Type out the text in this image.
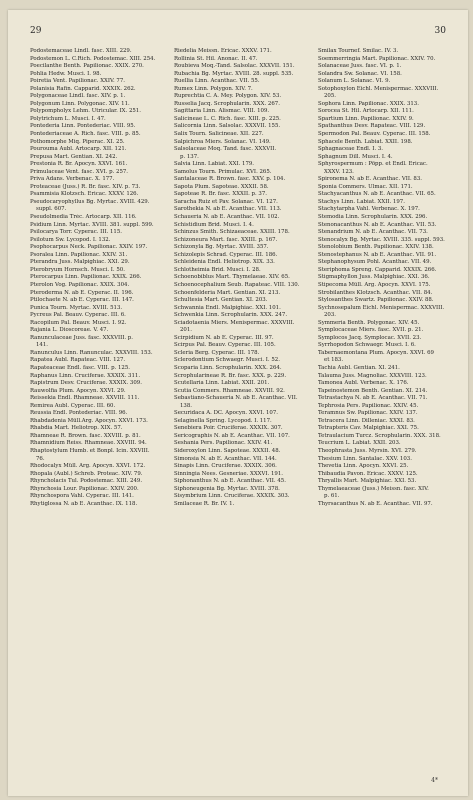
29	30
Podostemaceae Lindl. fasc. XIII. 229.
Podostemon L. C.Rich. Podostemac. XIII. 254.
Poecilanthe Benth. Papilionac. XXIX. 270.
Pohlia Hedw. Musci. I. 98.
Poiretia Vent. Papilionac. XXIV. 77.
Polanisia Rafin. Capparid. XXXIX. 262.
Polygonaceae Lindl. fasc. XIV. p. 1.
Polygonum Linn. Polygonac. XIV. 11.
Polypompholyx Lehm. Utricular. IX. 251.
Polytrichum L. Musci. I. 47.
Pontederia Linn. Pontederiac. VIII. 95.
Pontederiaceae A. Rich. fasc. VIII. p. 85.
Pothomorphe Miq. Piperac. XI. 25.
Pourouma Aubl. Artocarp. XII. 121.
Prepusa Mart. Gentian. XI. 242.
Prestonia R. Br. Apocyn. XXVI. 161.
Primulaceae Vent. fasc. XVI. p. 257.
Priva Adans. Verbenac. X. 177.
Proteaceae (Juss.) R. Br. fasc. XIV. p. 73.
Psammisia Klotzsch. Ericac. XXXV. 126.
Pseudocaryophyllus Bg. Myrtac. XVIII. 429.
suppl. 607.
Pseudolmedia Tréc. Artocarp. XII. 116.
Psidium Linn. Myrtac. XVIII. 381. suppl. 599.
Psilocarya Torr. Cyperac. III. 115.
Psilotum Sw. Lycopod. I. 132.
Psophocarpus Neck. Papilionac. XXIV. 197.
Psoralea Linn. Papilionac. XXIV. 31.
Pterandra Juss. Malpighiac. XXI. 29.
Pterobryum Hornsch. Musci. I. 50.
Pterocarpus Linn. Papilionac. XXIX. 266.
Pterolon Vog. Papilionac. XXIX. 304.
Pteroderma N. ab E. Cyperac. II. 196.
Ptilochaete N. ab E. Cyperac. III. 147.
Punica Tourn. Myrtac. XVIII. 513.
Pycreus Pal. Beauv. Cyperac. III. 6.
Racopilum Pal. Beauv. Musci. I. 92.
Rajania L. Dioscoreae. V. 47.
Ranunculaceae Juss. fasc. XXXVIII. p.
141.
Ranunculus Linn. Ranunculac. XXXVIII. 153.
Rapatea Aubl. Rapateac. VIII. 127.
Rapateaceae Endl. fasc. VIII. p. 125.
Raphanus Linn. Cruciferae. XXXIX. 311.
Rapistrum Desv. Cruciferae. XXXIX. 309.
Rauwolfia Plum. Apocyn. XXVI. 29.
Reissekia Endl. Rhamneae. XXVIII. 111.
Remirea Aubl. Cyperac. III. 60.
Reussia Endl. Pontederiac. VIII. 96.
Rhabdadenia Müll.Arg. Apocyn. XXVI. 173.
Rhabdia Mart. Heliotrop. XIX. 57.
Rhamneae R. Brown. fasc. XXVIII. p. 81.
Rhamnidium Reiss. Rhamneae. XXVIII. 94.
Rhaptostylum Humb. et Bonpl. Icin. XXVIII.
76.
Rhodocalyx Müll. Arg. Apocyn. XXVI. 172.
Rhopala (Aubl.) Schreb. Proteac. XIV. 79.
Rhyncholacis Tul. Podostemac. XIII. 249.
Rhynchosia Lour. Papilionac. XXIV. 200.
Rhynchospora Vahl. Cyperac. III. 141.
Rhytiglossa N. ab E. Acanthac. IX. 118.
Riedelia Meissn. Ericac. XXXV. 171.
Rollinia St. Hil. Anonac. II. 47.
Roubieva Moq.-Tand. Salsolac. XXXVII. 151.
Rubachia Bg. Myrtac. XVIII. 28. suppl. 535.
Ruellia Linn. Acanthac. VII. 55.
Rumex Linn. Polygon. XIV. 7.
Ruprechtia C. A. Mey. Polygon. XIV. 53.
Russelia Jacq. Scrophularin. XXX. 267.
Sagittaria Linn. Alismac. VIII. 109.
Salicineae L. C. Rich. fasc. XIII. p. 225.
Salicornia Linn. Salsolac. XXXVII. 155.
Salix Tourn. Salicineae. XII. 227.
Salpichroa Miers. Solanac. VI. 149.
Salsolaceae Moq. Tand. fasc. XXXVII.
p. 137.
Salvia Linn. Labiat. XXI. 179.
Samolus Tourn. Primulac. XVI. 265.
Santalaceae R. Brown. fasc. XXV. p. 104.
Sapota Plum. Sapoteae. XXXII. 58.
Sapoteae R. Br. fasc. XXXII. p. 37.
Saracha Ruiz et Pav. Solanac. VI. 127.
Sarothekia N. ab E. Acanthac. VII. 113.
Schaueria N. ab E. Acanthac. VII. 102.
Schistidium Brid. Musci. I. 4.
Schinzus Smith. Schizaeaceae. XXIII. 178.
Schizoneura Mart. fasc. XXIII. p. 167.
Schizonyla Bg. Myrtac. XVIII. 357.
Schizolepis Schrad. Cyperac. III. 186.
Schleidenia Endl. Heliotrop. XIX. 33.
Schlotheimia Brid. Musci. I. 28.
Schoenobiblus Mart. Thymelaeae. XIV. 65.
Schoenocephalium Seub. Rapateac. VIII. 130.
Schoenfelderia Mart. Gentian. XI. 213.
Schultesia Mart. Gentian. XI. 203.
Schwannia Endl. Malpighiac. XXI. 101.
Schwenkia Linn. Scrophularin. XXX. 247.
Sciadotaenia Miers. Menispermac. XXXVIII.
201.
Scirpidium N. ab E. Cyperac. III. 97.
Scirpus Pal. Beauv. Cyperac. III. 105.
Scleria Berg. Cyperac. III. 178.
Sclerodontium Schwaegr. Musci. I. 52.
Scoparia Linn. Scrophularin. XXX. 264.
Scrophularineae R. Br. fasc. XXX. p. 229.
Scutellaria Linn. Labiat. XXII. 201.
Scutia Commers. Rhamneae. XXVIII. 92.
Sebastiano-Schaueria N. ab E. Acanthac. VII.
138.
Securidaca A. DC. Apocyn. XXVI. 107.
Selaginella Spring. Lycopod. I. 117.
Senebiera Poir. Cruciferae. XXXIX. 307.
Sericographis N. ab E. Acanthac. VII. 107.
Seshania Pers. Papilionac. XXIV. 41.
Sideroxylon Linn. Sapoteae. XXXII. 48.
Simonsia N. ab E. Acanthac. VII. 144.
Sinapis Linn. Cruciferae. XXXIX. 306.
Sinningia Nees. Gesneriae. XXXVI. 191.
Siphonanthus N. ab E. Acanthac. VII. 45.
Siphoneugenia Bg. Myrtac. XVIII. 378.
Sisymbrium Linn. Cruciferae. XXXIX. 303.
Smilaceae R. Br. IV. 1.
Smilax Tournef. Smilac. IV. 3.
Soemmerringia Mart. Papilionac. XXIV. 70.
Solanaceae Juss. fasc. VI. p. 1.
Solandra Sw. Solanac. VI. 158.
Solanum L. Solanac. VI. 9.
Sotophoxylon Eichl. Menispermac. XXXVIII.
205.
Sophora Linn. Papilionac. XXIX. 313.
Sorocea St. Hil. Artocarp. XII. 111.
Spartium Linn. Papilionac. XXIV. 9.
Spathanthus Desv. Rapateac. VIII. 129.
Spermodon Pal. Beauv. Cyperac. III. 158.
Sphacele Benth. Labiat. XXII. 198.
Sphagnaceae Endl. I. 3.
Sphagnum Dill. Musci. I. 4.
Sphyrospermum : Pöpp. et Endl. Ericac.
XXXV. 123.
Spironema N. ab E. Acanthac. VII. 83.
Sponia Commers. Ulmac. XII. 171.
Stachyacanthus N. ab E. Acanthac. VII. 65.
Stachys Linn. Labiat. XXII. 197.
Stachytarpha Vahl. Verbenac. X. 197.
Stemodia Linn. Scrophularin. XXX. 296.
Stenonacanthus N. ab E. Acanthac. VII. 53.
Stenandrium N. ab E. Acanthac. VII. 73.
Stenocalyx Bg. Myrtac. XVIII. 335. suppl. 593.
Stenolobium Benth. Papilionac. XXIV. 138.
Stenostephanus N. ab E. Acanthac. VII. 91.
Stephanophysum Pohl. Acanthac. VII. 49.
Steriphoma Spreng. Capparid. XXXIX. 266.
Stigmaphyllon Juss. Malpighiac. XXI. 36.
Stipecoma Müll. Arg. Apocyn. XXVI. 175.
Strobilanthes Klotzsch. Acanthac. VII. 84.
Stylosanthes Swartz. Papilionac. XXIV. 88.
Sychnosepalum Eichl. Menispermac. XXXVIII.
203.
Symmeria Benth. Polygonac. XIV. 45.
Symplocaceae Miers. fasc. XVII. p. 21.
Symplocos Jacq. Symplocac. XVII. 23.
Syrrhopodon Schwaegr. Musci. I. 6.
Tabernaemontana Plum. Apocyn. XXVI. 69
et 183.
Tachia Aubl. Gentian. XI. 241.
Talauma Juss. Magnoliac. XXXVIII. 123.
Tamonea Aubl. Verbenac. X. 176.
Tapeinostemon Benth. Gentian. XI. 214.
Tetrastachya N. ab E. Acanthac. VII. 71.
Tephrosia Pers. Papilionac. XXIV. 45.
Teramnus Sw. Papilionac. XXIV. 137.
Tetracera Linn. Dilleniac. XXXI. 83.
Tetrapteris Cav. Malpighiac. XXI. 75.
Tetraulacium Turcz. Scrophularin. XXX. 318.
Teucrium L. Labiat. XXII. 203.
Theophrasta Juss. Myrsin. XVI. 279.
Thesium Linn. Santalac. XXV. 103.
Thevetia Linn. Apocyn. XXVI. 25.
Thibaudia Pavon. Ericac. XXXV. 125.
Thryallis Mart. Malpighiac. XXI. 53.
Thymelaeaceae (Juss.) Meissn. fasc. XIV.
p. 61.
Thyrsacanthus N. ab E. Acanthac. VII. 97.
4*
